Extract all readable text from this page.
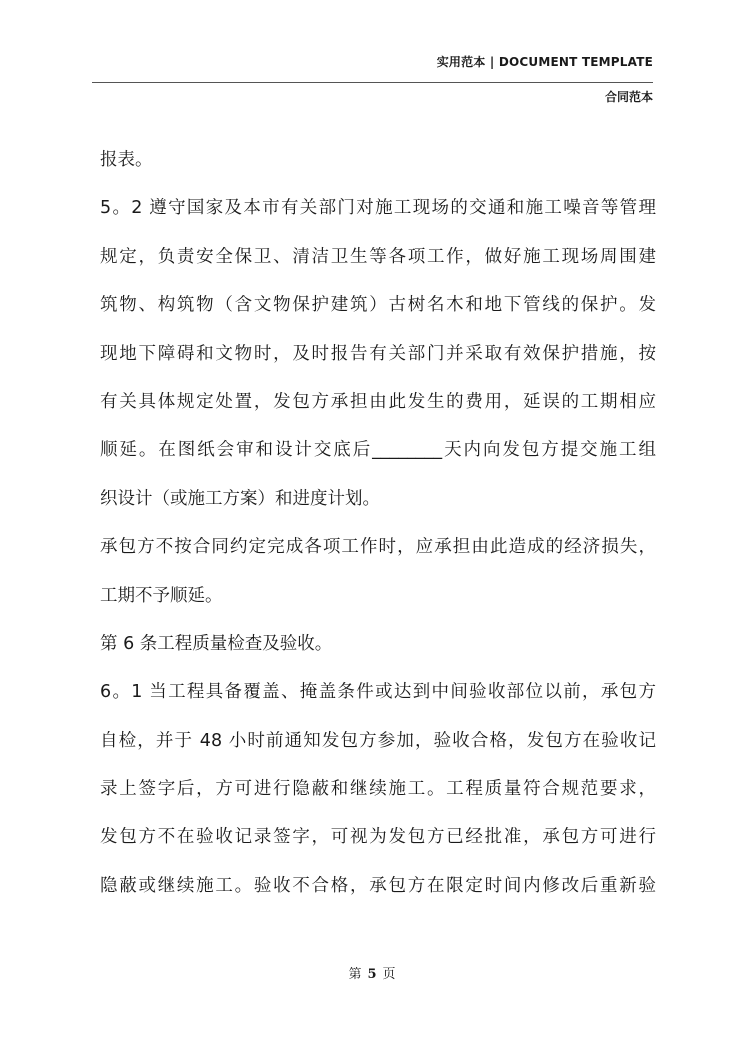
实用范本 | DOCUMENT TEMPLATE
合同范本
报表。
5。2 遵守国家及本市有关部门对施工现场的交通和施工噪音等管理
规定，负责安全保卫、清洁卫生等各项工作，做好施工现场周围建
筑物、构筑物（含文物保护建筑）古树名木和地下管线的保护。发
现地下障碍和文物时，及时报告有关部门并采取有效保护措施，按
有关具体规定处置，发包方承担由此发生的费用，延误的工期相应
顺延。在图纸会审和设计交底后________天内向发包方提交施工组
织设计（或施工方案）和进度计划。
承包方不按合同约定完成各项工作时，应承担由此造成的经济损失，
工期不予顺延。
第 6 条工程质量检查及验收。
6。1 当工程具备覆盖、掩盖条件或达到中间验收部位以前，承包方
自检，并于 48 小时前通知发包方参加，验收合格，发包方在验收记
录上签字后，方可进行隐蔽和继续施工。工程质量符合规范要求，
发包方不在验收记录签字，可视为发包方已经批准，承包方可进行
隐蔽或继续施工。验收不合格，承包方在限定时间内修改后重新验
第 5 页
